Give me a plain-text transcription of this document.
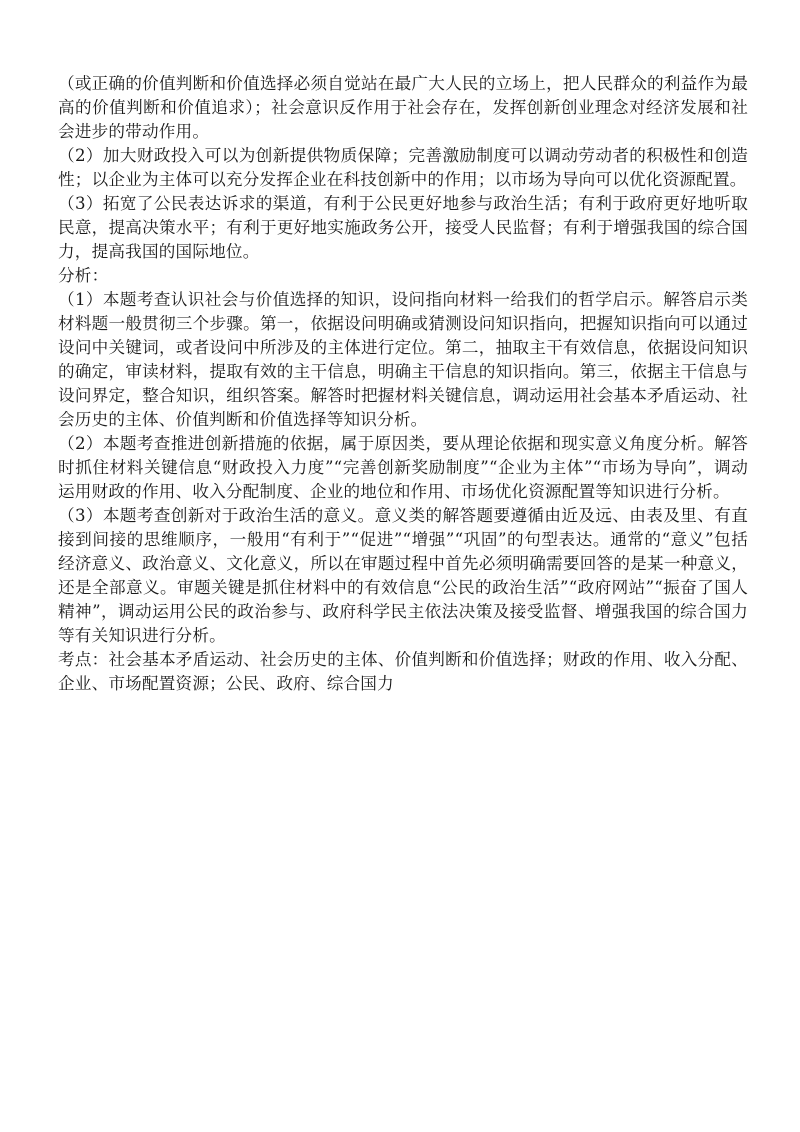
（或正确的价值判断和价值选择必须自觉站在最广大人民的立场上，把人民群众的利益作为最高的价值判断和价值追求）；社会意识反作用于社会存在，发挥创新创业理念对经济发展和社会进步的带动作用。

（2）加大财政投入可以为创新提供物质保障；完善激励制度可以调动劳动者的积极性和创造性；以企业为主体可以充分发挥企业在科技创新中的作用；以市场为导向可以优化资源配置。

（3）拓宽了公民表达诉求的渠道，有利于公民更好地参与政治生活；有利于政府更好地听取民意，提高决策水平；有利于更好地实施政务公开，接受人民监督；有利于增强我国的综合国力，提高我国的国际地位。

分析：

（1）本题考查认识社会与价值选择的知识，设问指向材料一给我们的哲学启示。解答启示类材料题一般贯彻三个步骤。第一，依据设问明确或猜测设问知识指向，把握知识指向可以通过设问中关键词，或者设问中所涉及的主体进行定位。第二，抽取主干有效信息，依据设问知识的确定，审读材料，提取有效的主干信息，明确主干信息的知识指向。第三，依据主干信息与设问界定，整合知识，组织答案。解答时把握材料关键信息，调动运用社会基本矛盾运动、社会历史的主体、价值判断和价值选择等知识分析。

（2）本题考查推进创新措施的依据，属于原因类，要从理论依据和现实意义角度分析。解答时抓住材料关键信息“财政投入力度”“完善创新奖励制度”“企业为主体”“市场为导向”，调动运用财政的作用、收入分配制度、企业的地位和作用、市场优化资源配置等知识进行分析。

（3）本题考查创新对于政治生活的意义。意义类的解答题要遵循由近及远、由表及里、有直接到间接的思维顺序，一般用“有利于”“促进”“增强”“巩固”的句型表达。通常的“意义”包括经济意义、政治意义、文化意义，所以在审题过程中首先必须明确需要回答的是某一种意义，还是全部意义。审题关键是抓住材料中的有效信息“公民的政治生活”“政府网站”“振奋了国人精神”，调动运用公民的政治参与、政府科学民主依法决策及接受监督、增强我国的综合国力等有关知识进行分析。

考点：社会基本矛盾运动、社会历史的主体、价值判断和价值选择；财政的作用、收入分配、企业、市场配置资源；公民、政府、综合国力
